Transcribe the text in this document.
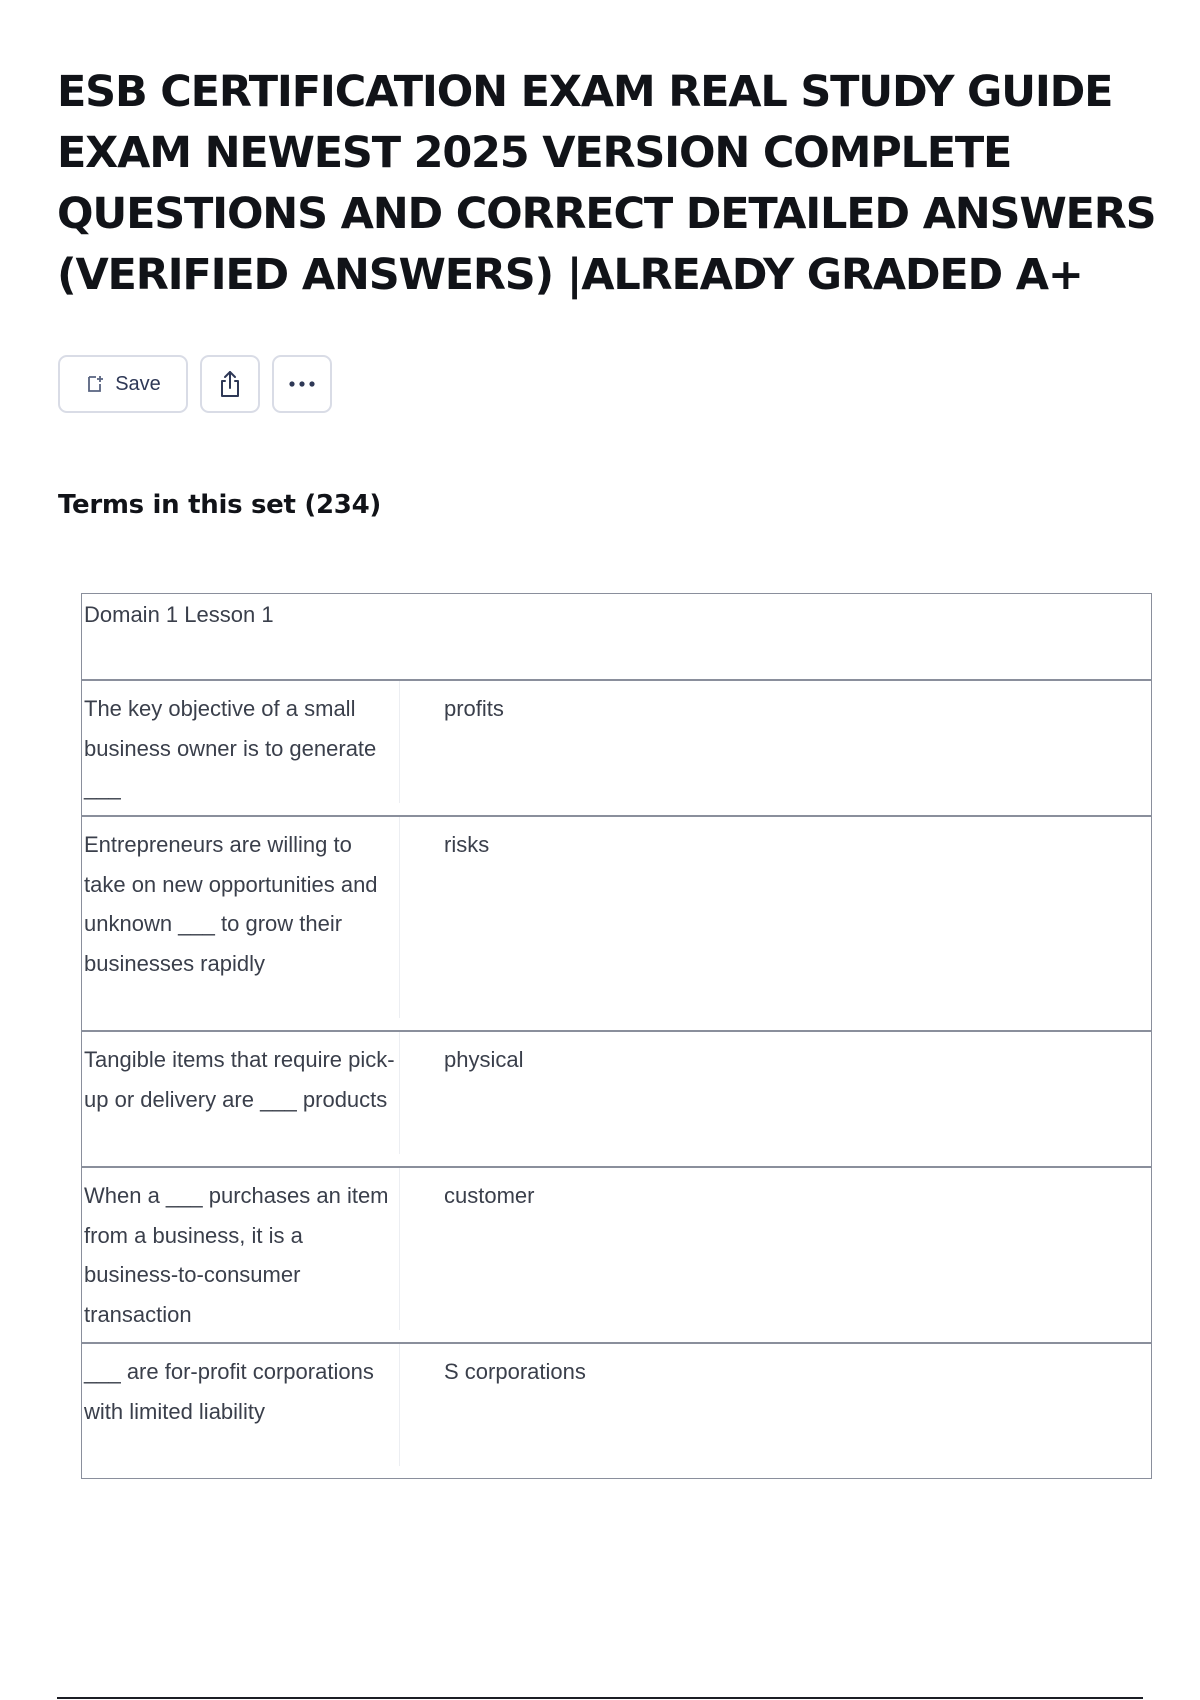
ESB CERTIFICATION EXAM REAL STUDY GUIDE
EXAM NEWEST 2025 VERSION COMPLETE
QUESTIONS AND CORRECT DETAILED ANSWERS
(VERIFIED ANSWERS) |ALREADY GRADED A+
Save
Terms in this set (234)
Domain 1 Lesson 1
The key objective of a small business owner is to generate ___
profits
Entrepreneurs are willing to take on new opportunities and unknown ___ to grow their businesses rapidly
risks
Tangible items that require pick-up or delivery are ___ products
physical
When a ___ purchases an item from a business, it is a business-to-consumer transaction
customer
___ are for-profit corporations with limited liability
S corporations
